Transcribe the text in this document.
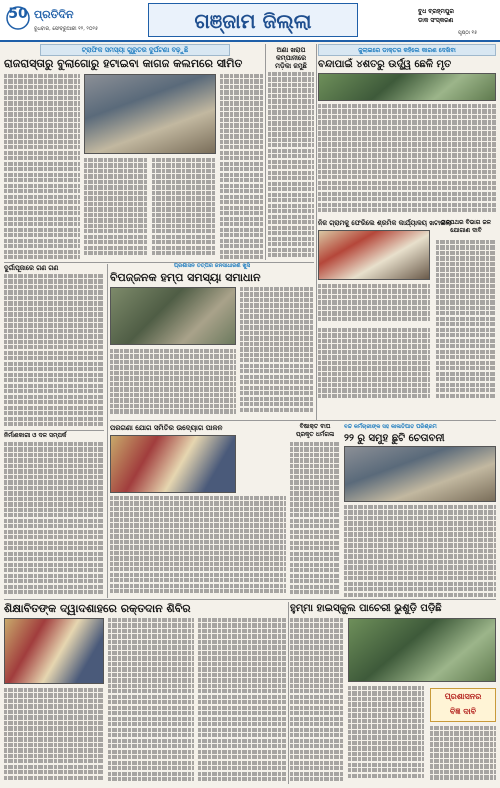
50 ପ୍ରତିଦିନ
ବୁଧବାର, ଫେବ୍ରୁଆରୀ ୧୨, ୨୦୨୫	ଗଞ୍ଜାମ ଜିଲ୍ଲା	ବୁଧ ବ୍ରହ୍ମପୁର
ଡାକ ସଂସ୍କରଣ
ପୃଷ୍ଠା ୧୫
ଟ୍ରାଫିକ ସମସ୍ୟା ଗୁରୁତର ଦୁର୍ଘଟଣା ବଢ଼ୁଛି
ରାଜରାସ୍ତାରୁ ବୁଲାଗୋରୁ ହଟାଇବା କାଗଜ କଲମରେ ସୀମିତ
ଅଣା ଖରାପ କମ୍ପାନୀରେ ମଡ଼ିକା ଜମୁଛି
ଜୁଲାଇରେ ଡାକ୍ତର କହିଲେ କାରଣ ଦେଖିବା
ବନ୍ଦାପାଇଁ ୪ଶତରୁ ଉର୍ଦ୍ଧ୍ୱ ଛେଳି ମୃତ
ନିଜ ଗ୍ରାମକୁ ଫେରିଲେ ଶ୍ରମିକ କାର୍ଯ୍ୟାଳୟ ଖଟାଇଲା
ରାଜପଥର ବିଭାଗ ଜଳ ଯୋଗାଣ ଦାବି
ଦୁର୍ଗାପୂଜାରେ ଗଣ ଗଣ	ପ୍ରଶାସନ ତତ୍ପର ଜନସାଧାରଣ ଖୁସି
ବିପଜ୍ଜନକ ହମ୍ପ ସମସ୍ୟା ସମାଧାନ
ପରଗଣା ଯୋଗ ସମିତିର ଉଦ୍ୟୋଗ ପାଳନ	ବିଷାକ୍ତ ବାଘ ପ୍ରକୃତ ଧର୍ମଗଳା
ବନ୍ଦ କର୍ମଚାରୀଙ୍କ ସହ କାଳାତିପାତ ପରିଶ୍ରମ
୨୨ ରୁ ସମୁହ ଛୁଟି ଚେତାବନୀ
ନିର୍ମାଣକାରୀ ଓ ଦଳ ସମ୍ପର୍କ
ଶିକ୍ଷାବିତଙ୍କ ଦ୍ୱାଦଶାହରେ ରକ୍ତଦାନ ଶିବିର	ହୁମ୍ମା ହାଇସ୍କୁଲ ପାଚେରୀ ଭୁଶୁଡ଼ି ପଡ଼ିଛି
ପ୍ରଶାସନର
ବିଜ୍ଞ ଦାବି
